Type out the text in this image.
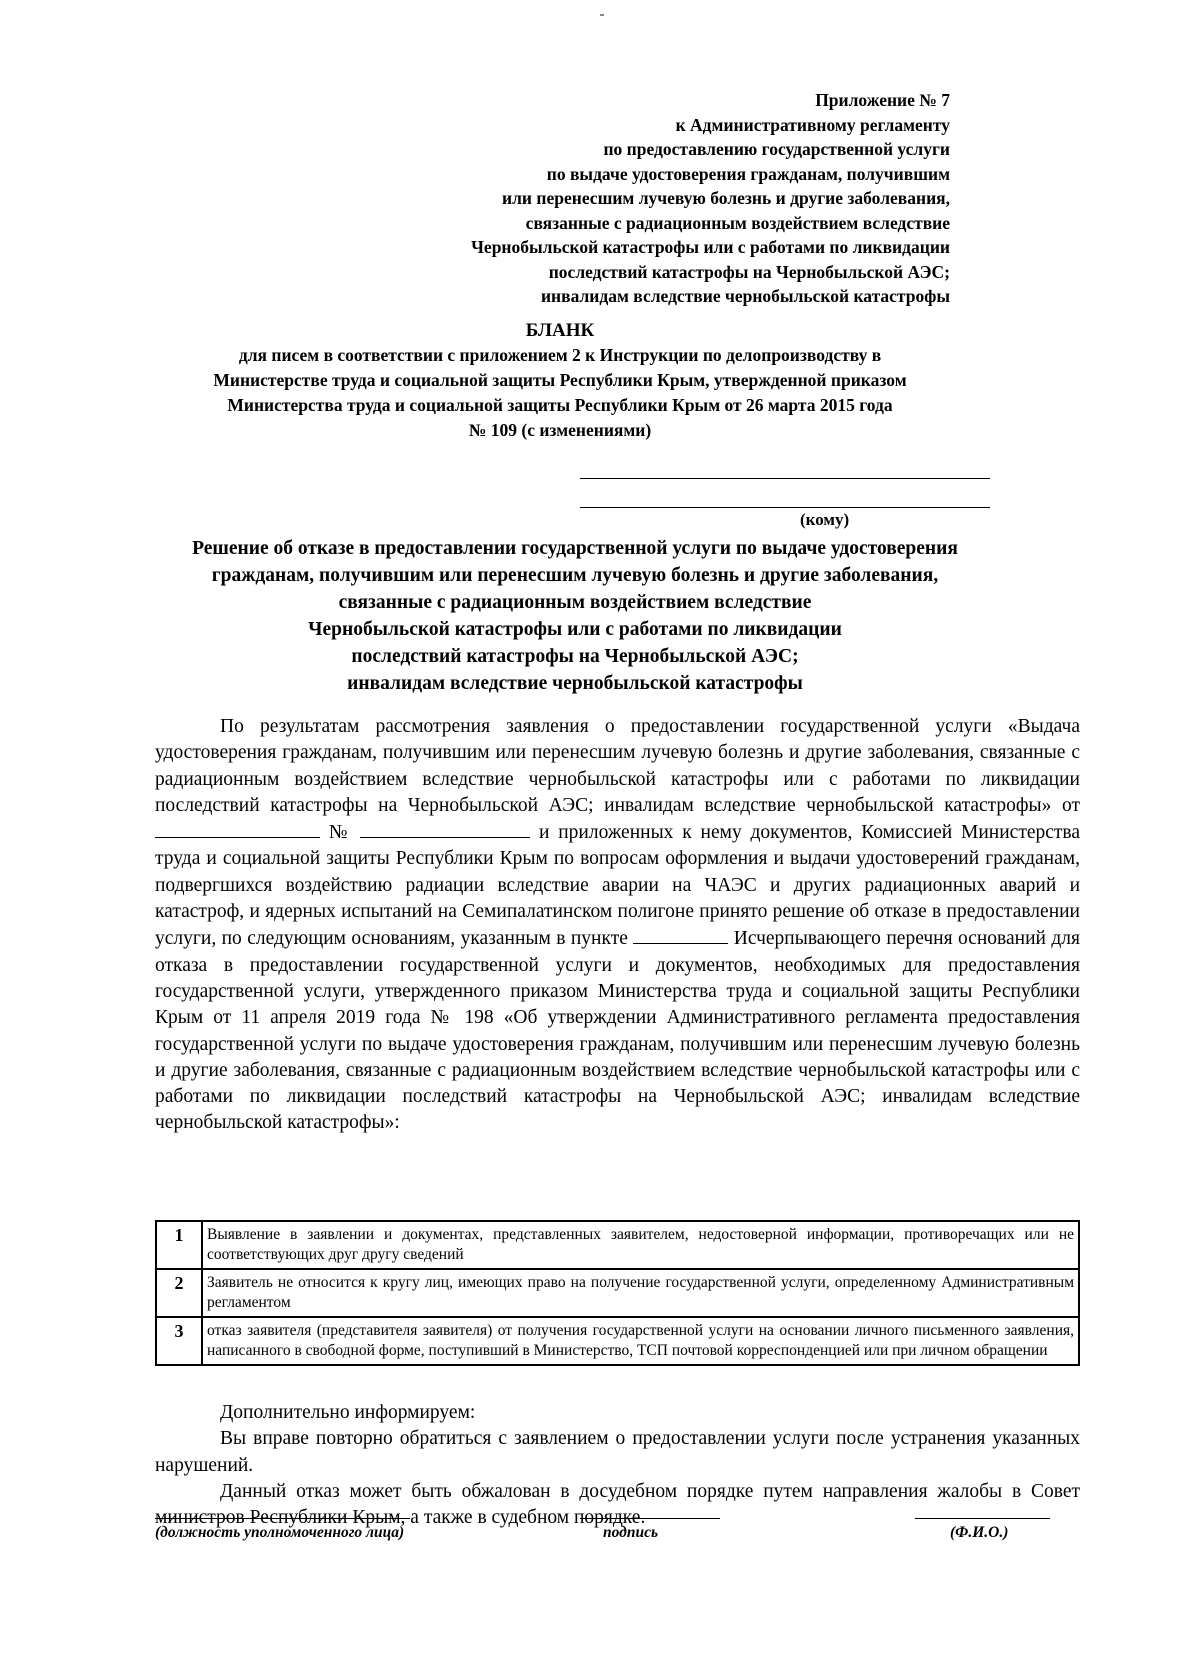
Приложение № 7
к Административному регламенту
по предоставлению государственной услуги
по выдаче удостоверения гражданам, получившим
или перенесшим лучевую болезнь и другие заболевания,
связанные с радиационным воздействием вследствие
Чернобыльской катастрофы или с работами по ликвидации
последствий катастрофы на Чернобыльской АЭС;
инвалидам вследствие чернобыльской катастрофы
БЛАНК
для писем в соответствии с приложением 2 к Инструкции по делопроизводству в
Министерстве труда и социальной защиты Республики Крым, утвержденной приказом
Министерства труда и социальной защиты Республики Крым от 26 марта 2015 года
№ 109 (с изменениями)
(кому)
Решение об отказе в предоставлении государственной услуги по выдаче удостоверения
гражданам, получившим или перенесшим лучевую болезнь и другие заболевания,
связанные с радиационным воздействием вследствие
Чернобыльской катастрофы или с работами по ликвидации
последствий катастрофы на Чернобыльской АЭС;
инвалидам вследствие чернобыльской катастрофы

По результатам рассмотрения заявления о предоставлении государственной услуги «Выдача удостоверения гражданам, получившим или перенесшим лучевую болезнь и другие заболевания, связанные с радиационным воздействием вследствие чернобыльской катастрофы или с работами по ликвидации последствий катастрофы на Чернобыльской АЭС; инвалидам вследствие чернобыльской катастрофы» от  №	и приложенных к нему документов, Комиссией Министерства труда и социальной защиты Республики Крым по вопросам оформления и выдачи удостоверений гражданам, подвергшихся воздействию радиации вследствие аварии на ЧАЭС и других радиационных аварий и катастроф, и ядерных испытаний на Семипалатинском полигоне принято решение об отказе в предоставлении услуги, по следующим основаниям, указанным в пункте	Исчерпывающего перечня оснований для отказа в предоставлении государственной услуги и документов, необходимых для предоставления государственной услуги, утвержденного приказом Министерства труда и социальной защиты Республики Крым от 11 апреля 2019 года № 198 «Об утверждении Административного регламента предоставления государственной услуги по выдаче удостоверения гражданам, получившим или перенесшим лучевую болезнь и другие заболевания, связанные с радиационным воздействием вследствие чернобыльской катастрофы или с работами по ликвидации последствий катастрофы на Чернобыльской АЭС; инвалидам вследствие чернобыльской катастрофы»:

1	Выявление в заявлении и документах, представленных заявителем, недостоверной информации, противоречащих или не соответствующих друг другу сведений
2	Заявитель не относится к кругу лиц, имеющих право на получение государственной услуги, определенному Административным регламентом
3	отказ заявителя (представителя заявителя) от получения государственной услуги на основании личного письменного заявления, написанного в свободной форме, поступивший в Министерство, ТСП почтовой корреспонденцией или при личном обращении

Дополнительно информируем:

Вы вправе повторно обратиться с заявлением о предоставлении услуги после устранения указанных нарушений.

Данный отказ может быть обжалован в досудебном порядке путем направления жалобы в Совет министров Республики Крым, а также в судебном порядке.

(должность уполномоченного лица)	подпись	(Ф.И.О.)
